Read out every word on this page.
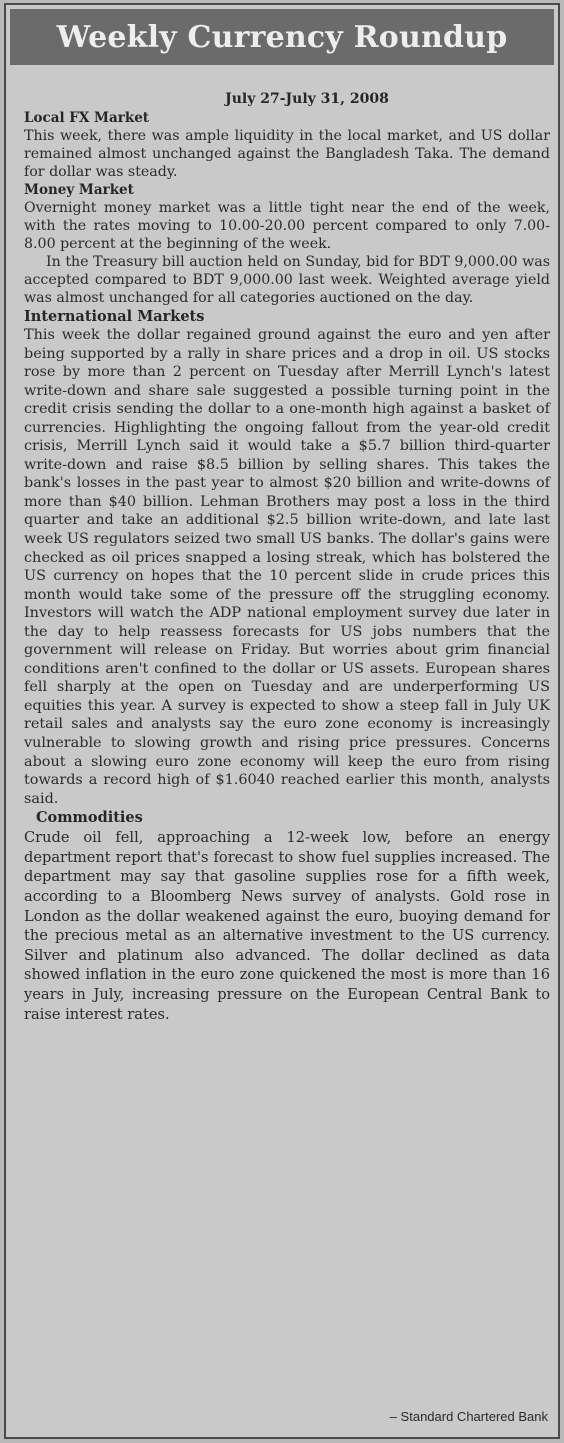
Weekly Currency Roundup
July 27-July 31, 2008
Local FX Market

This week, there was ample liquidity in the local market, and US dollar remained almost unchanged against the Bangladesh Taka. The demand for dollar was steady.

Money Market

Overnight money market was a little tight near the end of the week, with the rates moving to 10.00-20.00 percent compared to only 7.00-8.00 percent at the beginning of the week.

In the Treasury bill auction held on Sunday, bid for BDT 9,000.00 was accepted compared to BDT 9,000.00 last week. Weighted average yield was almost unchanged for all categories auctioned on the day.

International Markets

This week the dollar regained ground against the euro and yen after being supported by a rally in share prices and a drop in oil. US stocks rose by more than 2 percent on Tuesday after Merrill Lynch's latest write-down and share sale suggested a possible turning point in the credit crisis sending the dollar to a one-month high against a basket of currencies. Highlighting the ongoing fallout from the year-old credit crisis, Merrill Lynch said it would take a $5.7 billion third-quarter write-down and raise $8.5 billion by selling shares. This takes the bank's losses in the past year to almost $20 billion and write-downs of more than $40 billion. Lehman Brothers may post a loss in the third quarter and take an additional $2.5 billion write-down, and late last week US regulators seized two small US banks. The dollar's gains were checked as oil prices snapped a losing streak, which has bolstered the US currency on hopes that the 10 percent slide in crude prices this month would take some of the pressure off the struggling economy. Investors will watch the ADP national employment survey due later in the day to help reassess forecasts for US jobs numbers that the government will release on Friday. But worries about grim financial conditions aren't confined to the dollar or US assets. European shares fell sharply at the open on Tuesday and are underperforming US equities this year. A survey is expected to show a steep fall in July UK retail sales and analysts say the euro zone economy is increasingly vulnerable to slowing growth and rising price pressures. Concerns about a slowing euro zone economy will keep the euro from rising towards a record high of $1.6040 reached earlier this month, analysts said.

Commodities

Crude oil fell, approaching a 12-week low, before an energy department report that's forecast to show fuel supplies increased. The department may say that gasoline supplies rose for a fifth week, according to a Bloomberg News survey of analysts. Gold rose in London as the dollar weakened against the euro, buoying demand for the precious metal as an alternative investment to the US currency. Silver and platinum also advanced. The dollar declined as data showed inflation in the euro zone quickened the most is more than 16 years in July, increasing pressure on the European Central Bank to raise interest rates.

– Standard Chartered Bank
